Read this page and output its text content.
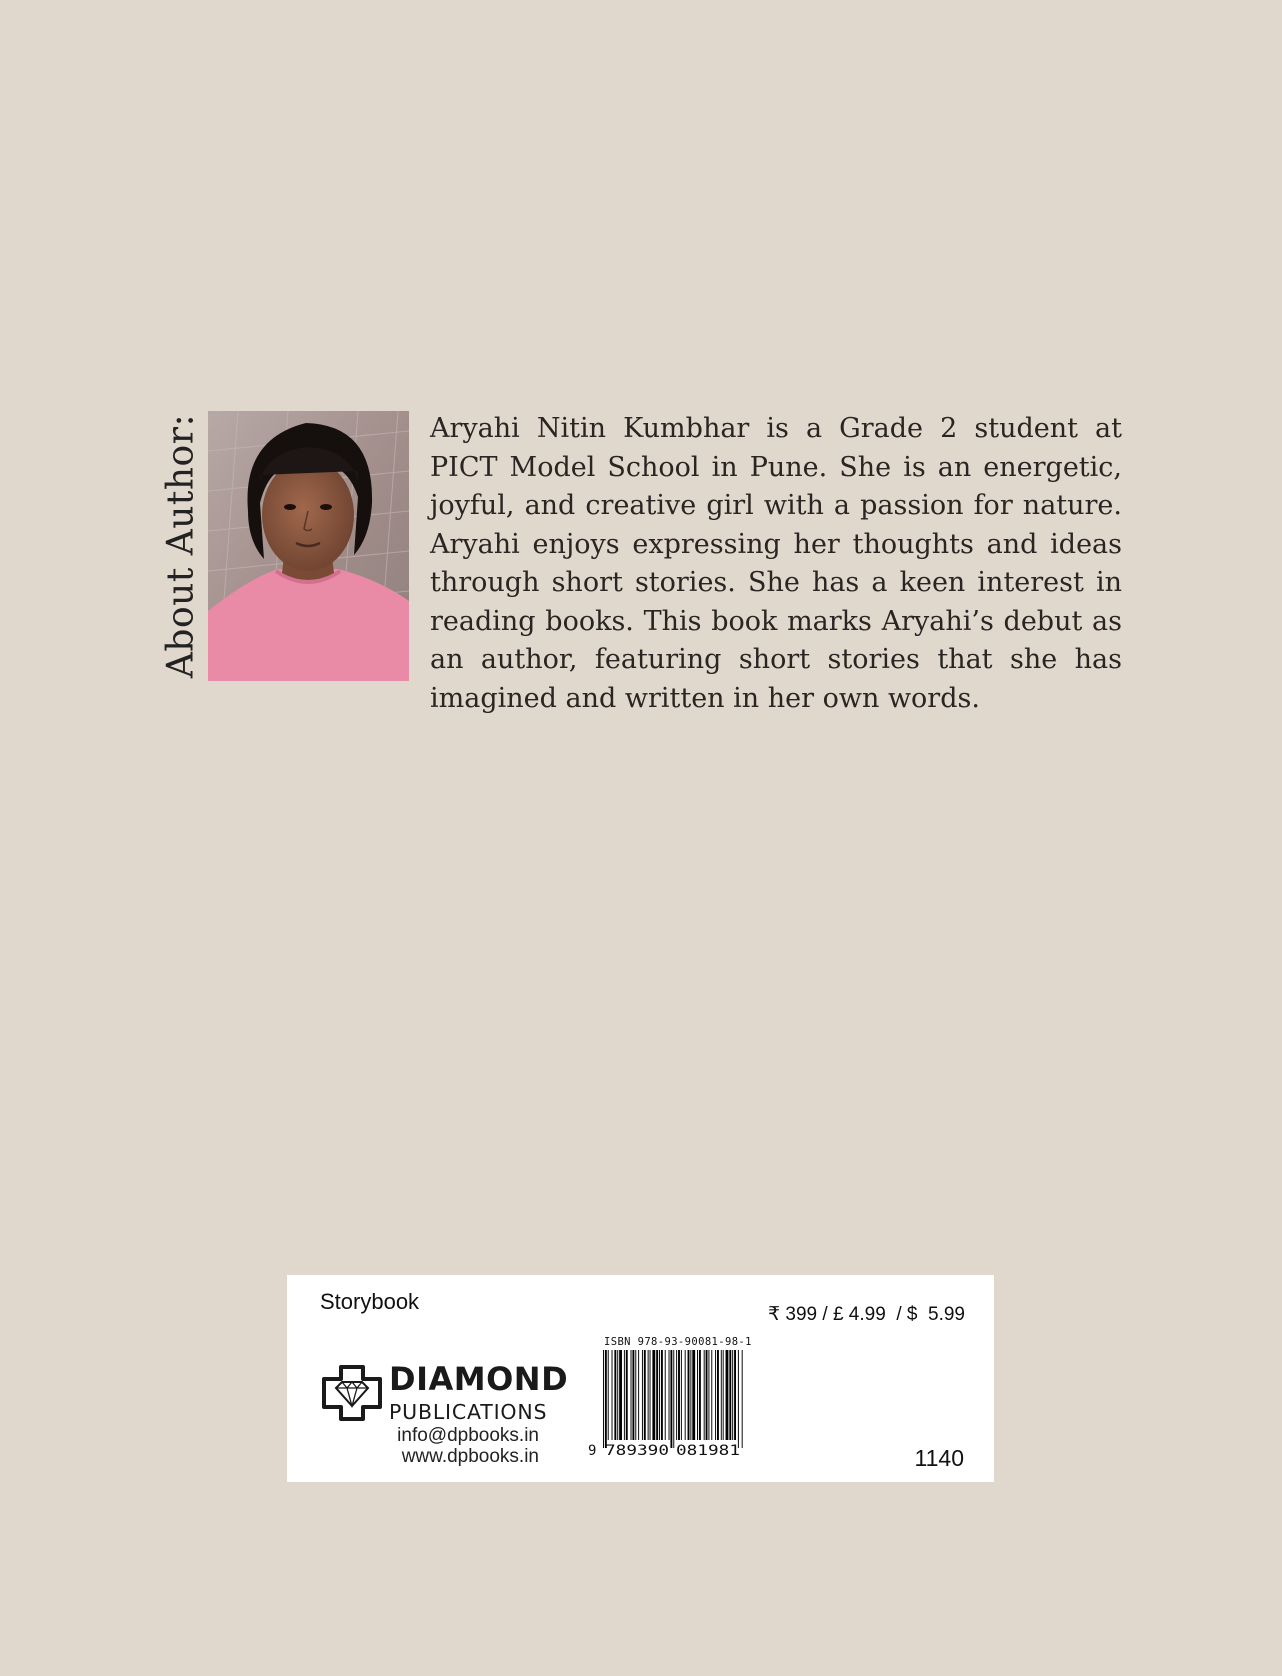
About Author:	Aryahi Nitin Kumbhar is a Grade 2 student at PICT Model School in Pune. She is an energetic, joyful, and creative girl with a passion for nature. Aryahi enjoys expressing her thoughts and ideas through short stories. She has a keen interest in reading books. This book marks Aryahi’s debut as an author, featuring short stories that she has imagined and written in her own words.

Storybook
₹ 399 / £ 4.99  / $  5.99
DIAMOND
PUBLICATIONS
info@dpbooks.in
www.dpbooks.in
ISBN 978-93-90081-98-1
9 789390 081981	1140
